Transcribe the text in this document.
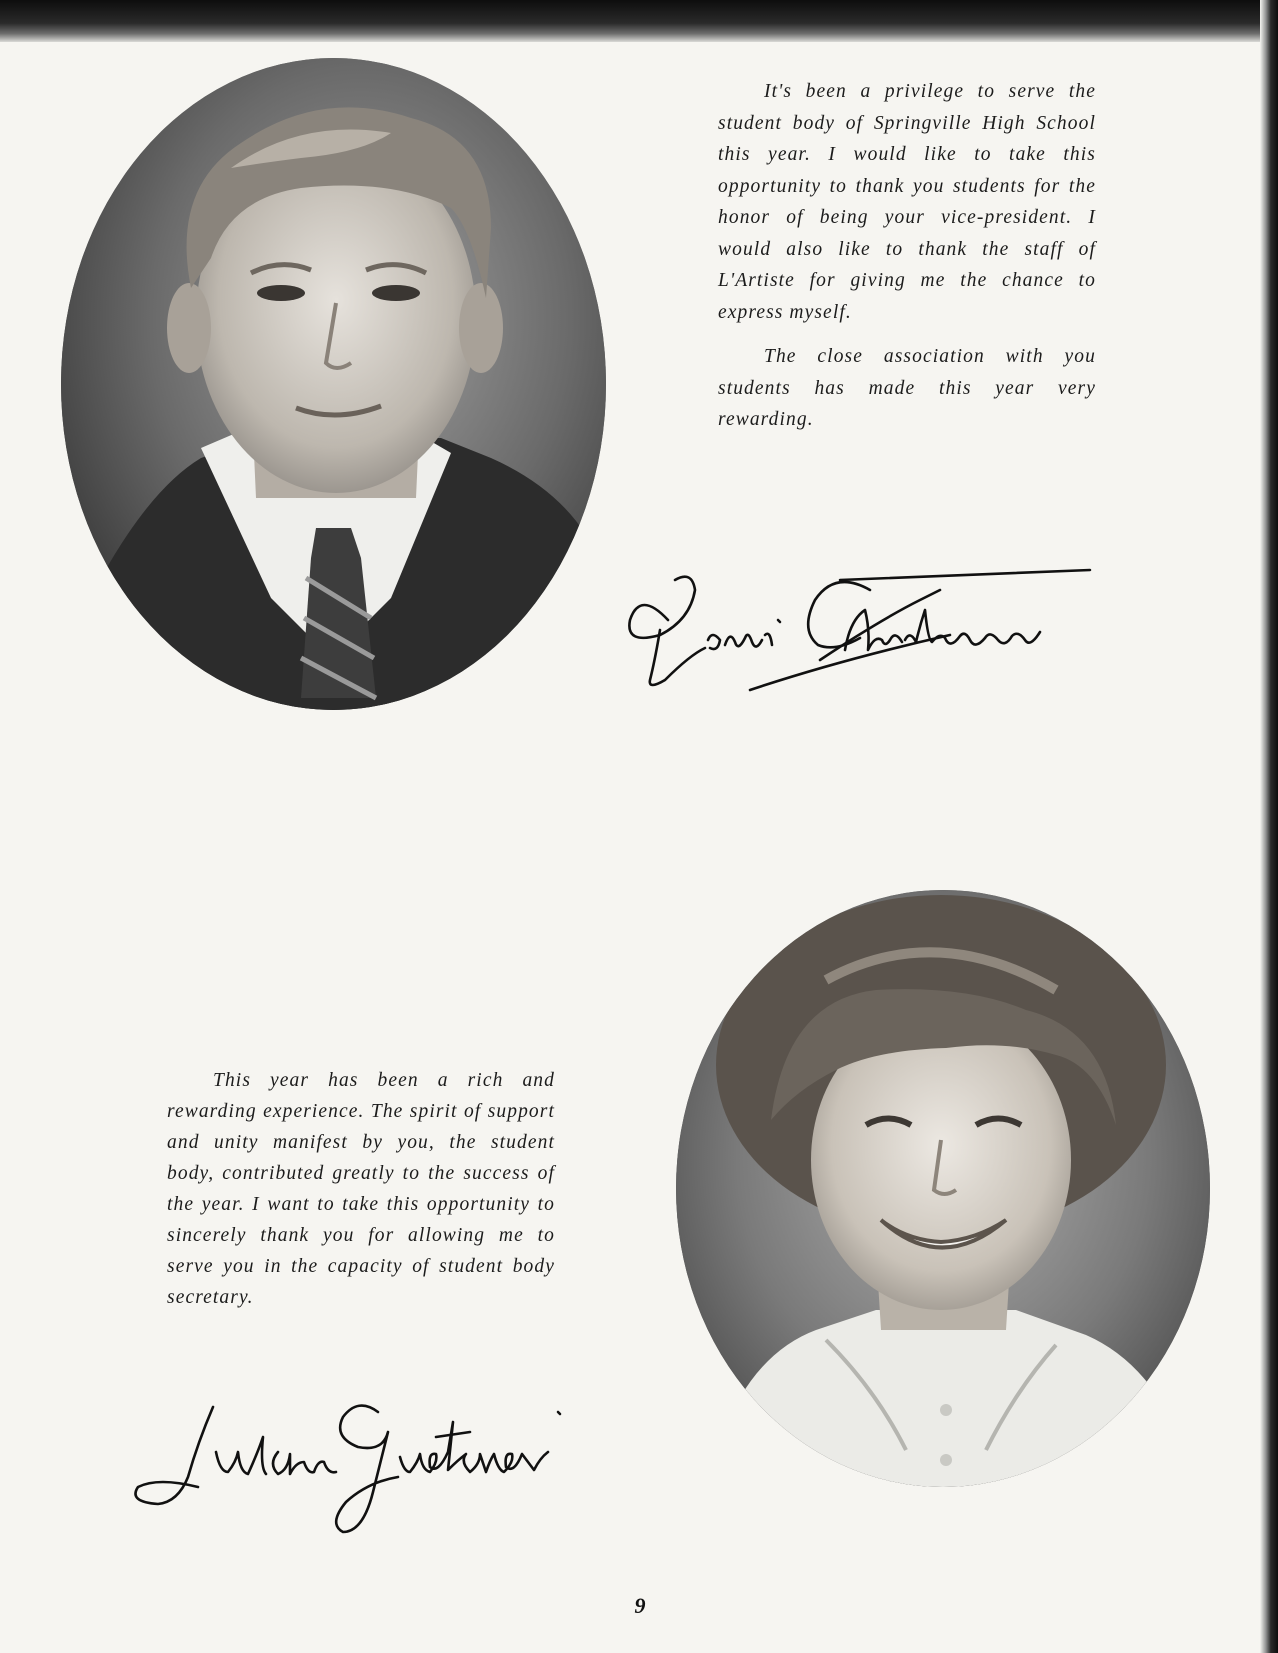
It's been a privilege to serve the student body of Springville High School this year. I would like to take this opportunity to thank you students for the honor of being your vice-president. I would also like to thank the staff of L'Artiste for giving me the chance to express myself.

The close association with you students has made this year very rewarding.

This year has been a rich and rewarding experience. The spirit of support and unity manifest by you, the student body, contributed greatly to the success of the year. I want to take this opportunity to sincerely thank you for allowing me to serve you in the capacity of student body secretary.

9
